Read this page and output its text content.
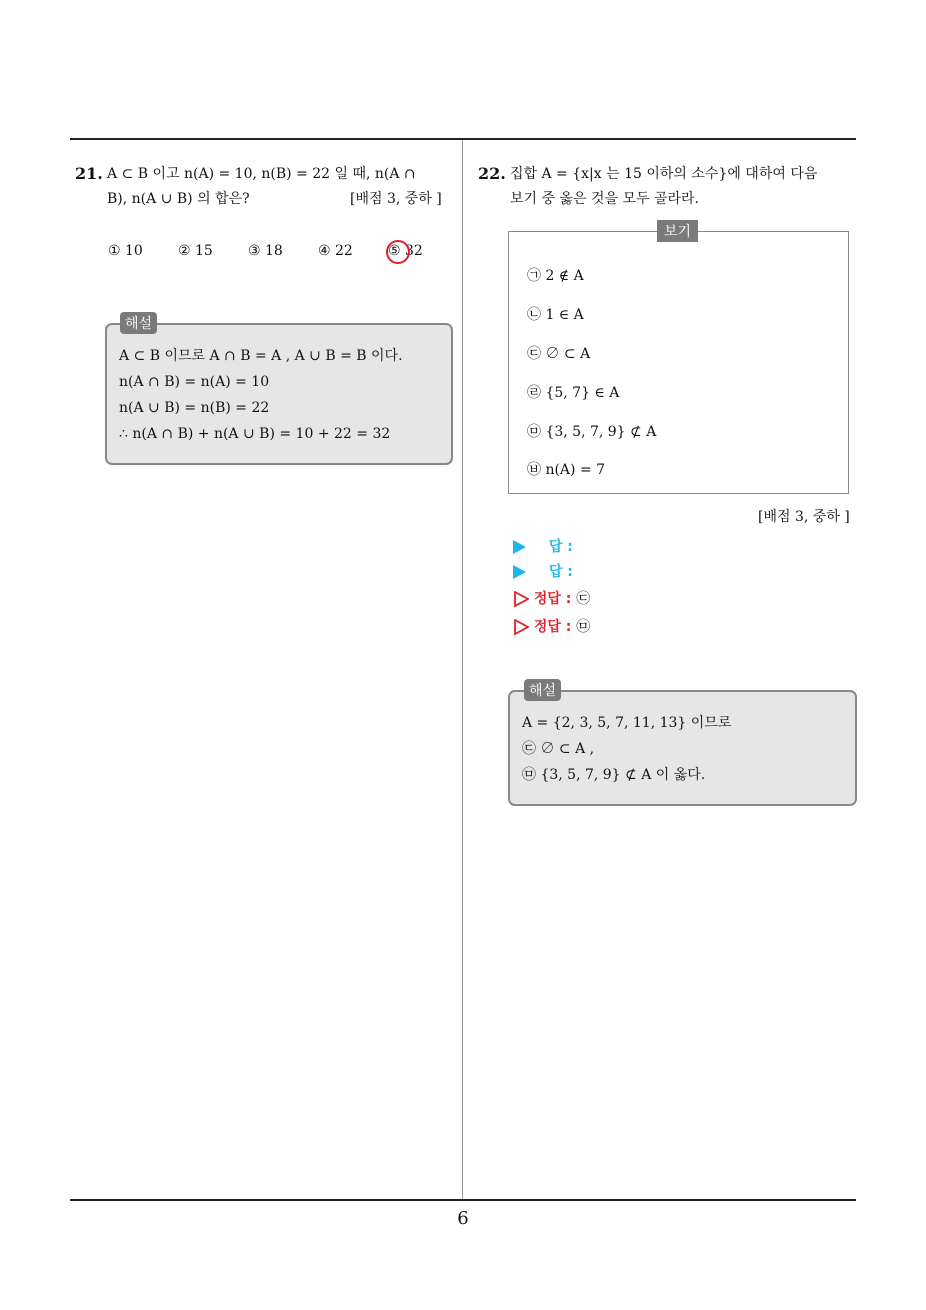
6
21. A ⊂ B 이고 n(A) = 10, n(B) = 22 일 때, n(A ∩
B), n(A ∪ B) 의 합은?	[배점 3, 중하 ]
① 10	② 15	③ 18	④ 22	⑤ 32
A ⊂ B 이므로 A ∩ B = A , A ∪ B = B 이다.
n(A ∩ B) = n(A) = 10
n(A ∪ B) = n(B) = 22
∴ n(A ∩ B) + n(A ∪ B) = 10 + 22 = 32
해설
22. 집합 A = {x|x 는 15 이하의 소수}에 대하여 다음
보기 중 옳은 것을 모두 골라라.
㉠ 2 ∉ A
㉡ 1 ∈ A
㉢ ∅ ⊂ A
㉣ {5, 7} ∈ A
㉤ {3, 5, 7, 9} ⊄ A
㉥ n(A) = 7
보기
[배점 3, 중하 ]
답 :
답 :
정답 : ㉢
정답 : ㉤
A = {2, 3, 5, 7, 11, 13} 이므로
㉢ ∅ ⊂ A ,
㉤ {3, 5, 7, 9} ⊄ A 이 옳다.
해설
